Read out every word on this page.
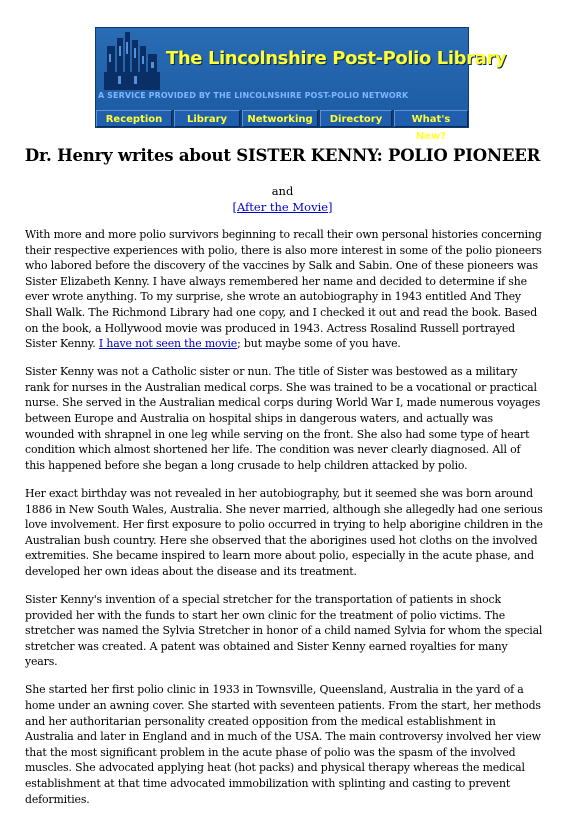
The Lincolnshire Post-Polio Library
A SERVICE PROVIDED BY THE LINCOLNSHIRE POST-POLIO NETWORK
Reception	Library	Networking	Directory	What's New?
Dr. Henry writes about SISTER KENNY: POLIO PIONEER
and
[After the Movie]

With more and more polio survivors beginning to recall their own personal histories concerning their respective experiences with polio, there is also more interest in some of the polio pioneers who labored before the discovery of the vaccines by Salk and Sabin. One of these pioneers was Sister Elizabeth Kenny. I have always remembered her name and decided to determine if she ever wrote anything. To my surprise, she wrote an autobiography in 1943 entitled And They Shall Walk. The Richmond Library had one copy, and I checked it out and read the book. Based on the book, a Hollywood movie was produced in 1943. Actress Rosalind Russell portrayed Sister Kenny. I have not seen the movie; but maybe some of you have.

Sister Kenny was not a Catholic sister or nun. The title of Sister was bestowed as a military rank for nurses in the Australian medical corps. She was trained to be a vocational or practical nurse. She served in the Australian medical corps during World War I, made numerous voyages between Europe and Australia on hospital ships in dangerous waters, and actually was wounded with shrapnel in one leg while serving on the front. She also had some type of heart condition which almost shortened her life. The condition was never clearly diagnosed. All of this happened before she began a long crusade to help children attacked by polio.

Her exact birthday was not revealed in her autobiography, but it seemed she was born around 1886 in New South Wales, Australia. She never married, although she allegedly had one serious love involvement. Her first exposure to polio occurred in trying to help aborigine children in the Australian bush country. Here she observed that the aborigines used hot cloths on the involved extremities. She became inspired to learn more about polio, especially in the acute phase, and developed her own ideas about the disease and its treatment.

Sister Kenny's invention of a special stretcher for the transportation of patients in shock provided her with the funds to start her own clinic for the treatment of polio victims. The stretcher was named the Sylvia Stretcher in honor of a child named Sylvia for whom the special stretcher was created. A patent was obtained and Sister Kenny earned royalties for many years.

She started her first polio clinic in 1933 in Townsville, Queensland, Australia in the yard of a home under an awning cover. She started with seventeen patients. From the start, her methods and her authoritarian personality created opposition from the medical establishment in Australia and later in England and in much of the USA. The main controversy involved her view that the most significant problem in the acute phase of polio was the spasm of the involved muscles. She advocated applying heat (hot packs) and physical therapy whereas the medical establishment at that time advocated immobilization with splinting and casting to prevent deformities.
